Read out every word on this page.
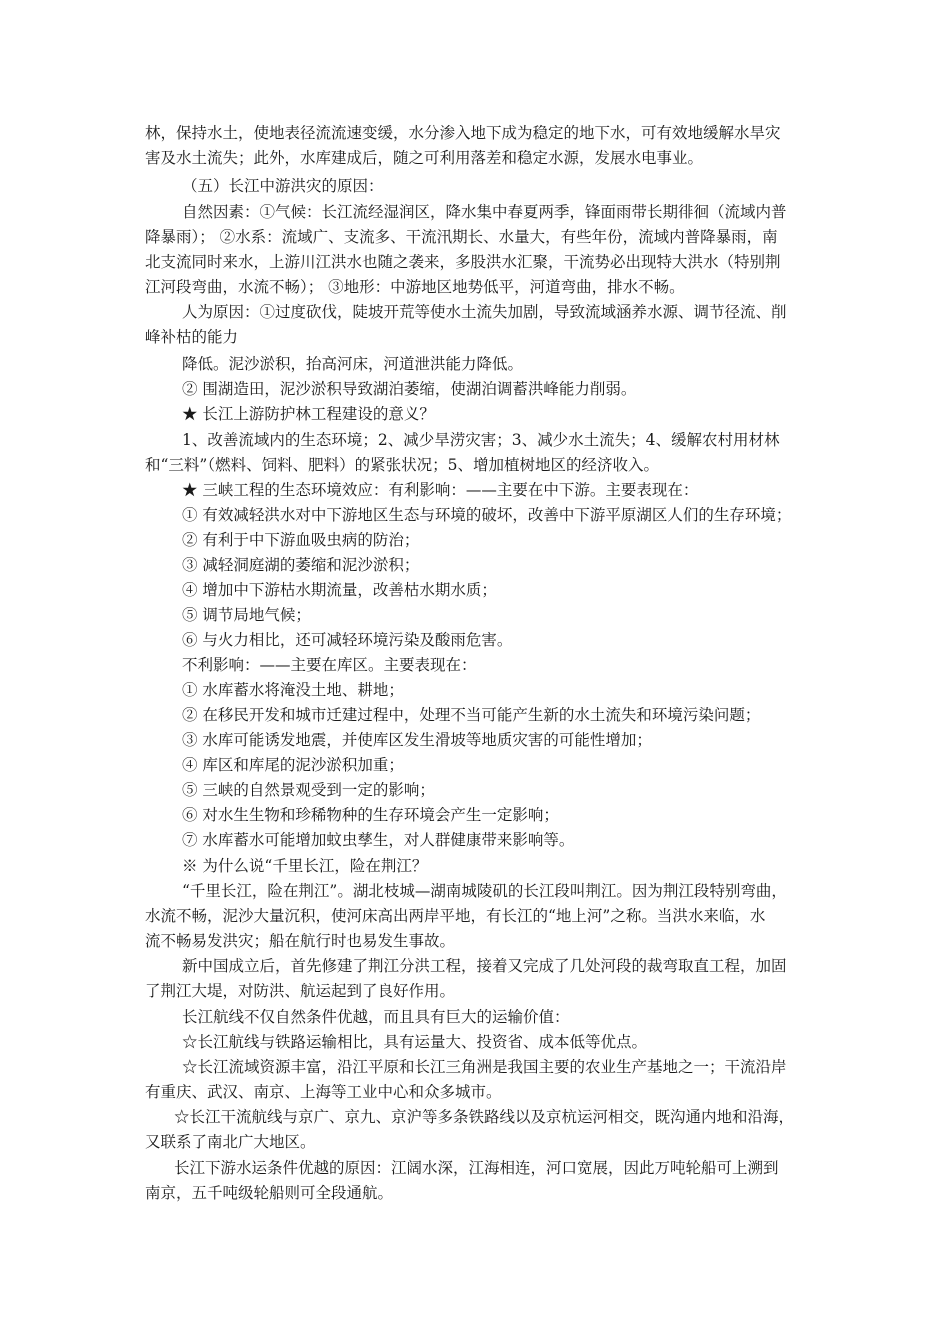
林，保持水土，使地表径流流速变缓，水分渗入地下成为稳定的地下水，可有效地缓解水旱灾
害及水土流失；此外，水库建成后，随之可利用落差和稳定水源，发展水电事业。
（五）长江中游洪灾的原因：
自然因素：①气候：长江流经湿润区，降水集中春夏两季，锋面雨带长期徘徊（流域内普
降暴雨）； ②水系：流域广、支流多、干流汛期长、水量大，有些年份，流域内普降暴雨，南
北支流同时来水，上游川江洪水也随之袭来，多股洪水汇聚，干流势必出现特大洪水（特别荆
江河段弯曲，水流不畅）； ③地形：中游地区地势低平，河道弯曲，排水不畅。
人为原因：①过度砍伐，陡坡开荒等使水土流失加剧，导致流域涵养水源、调节径流、削
峰补枯的能力
降低。泥沙淤积，抬高河床，河道泄洪能力降低。
② 围湖造田，泥沙淤积导致湖泊萎缩，使湖泊调蓄洪峰能力削弱。
★ 长江上游防护林工程建设的意义？
1、改善流域内的生态环境；2、减少旱涝灾害；3、减少水土流失；4、缓解农村用材林
和“三料”（燃料、饲料、肥料）的紧张状况；5、增加植树地区的经济收入。
★ 三峡工程的生态环境效应：有利影响：——主要在中下游。主要表现在：
① 有效减轻洪水对中下游地区生态与环境的破坏，改善中下游平原湖区人们的生存环境；
② 有利于中下游血吸虫病的防治；
③ 减轻洞庭湖的萎缩和泥沙淤积；
④ 增加中下游枯水期流量，改善枯水期水质；
⑤ 调节局地气候；
⑥ 与火力相比，还可减轻环境污染及酸雨危害。
不利影响：——主要在库区。主要表现在：
① 水库蓄水将淹没土地、耕地；
② 在移民开发和城市迁建过程中，处理不当可能产生新的水土流失和环境污染问题；
③ 水库可能诱发地震，并使库区发生滑坡等地质灾害的可能性增加；
④ 库区和库尾的泥沙淤积加重；
⑤ 三峡的自然景观受到一定的影响；
⑥ 对水生生物和珍稀物种的生存环境会产生一定影响；
⑦ 水库蓄水可能增加蚊虫孳生，对人群健康带来影响等。
※ 为什么说“千里长江，险在荆江？
“千里长江，险在荆江”。湖北枝城—湖南城陵矶的长江段叫荆江。因为荆江段特别弯曲，
水流不畅，泥沙大量沉积，使河床高出两岸平地，有长江的“地上河”之称。当洪水来临，水
流不畅易发洪灾；船在航行时也易发生事故。
新中国成立后，首先修建了荆江分洪工程，接着又完成了几处河段的裁弯取直工程，加固
了荆江大堤，对防洪、航运起到了良好作用。
长江航线不仅自然条件优越，而且具有巨大的运输价值：
☆长江航线与铁路运输相比，具有运量大、投资省、成本低等优点。
☆长江流域资源丰富，沿江平原和长江三角洲是我国主要的农业生产基地之一；干流沿岸
有重庆、武汉、南京、上海等工业中心和众多城市。
☆长江干流航线与京广、京九、京沪等多条铁路线以及京杭运河相交，既沟通内地和沿海，
又联系了南北广大地区。
长江下游水运条件优越的原因：江阔水深，江海相连，河口宽展，因此万吨轮船可上溯到
南京，五千吨级轮船则可全段通航。
